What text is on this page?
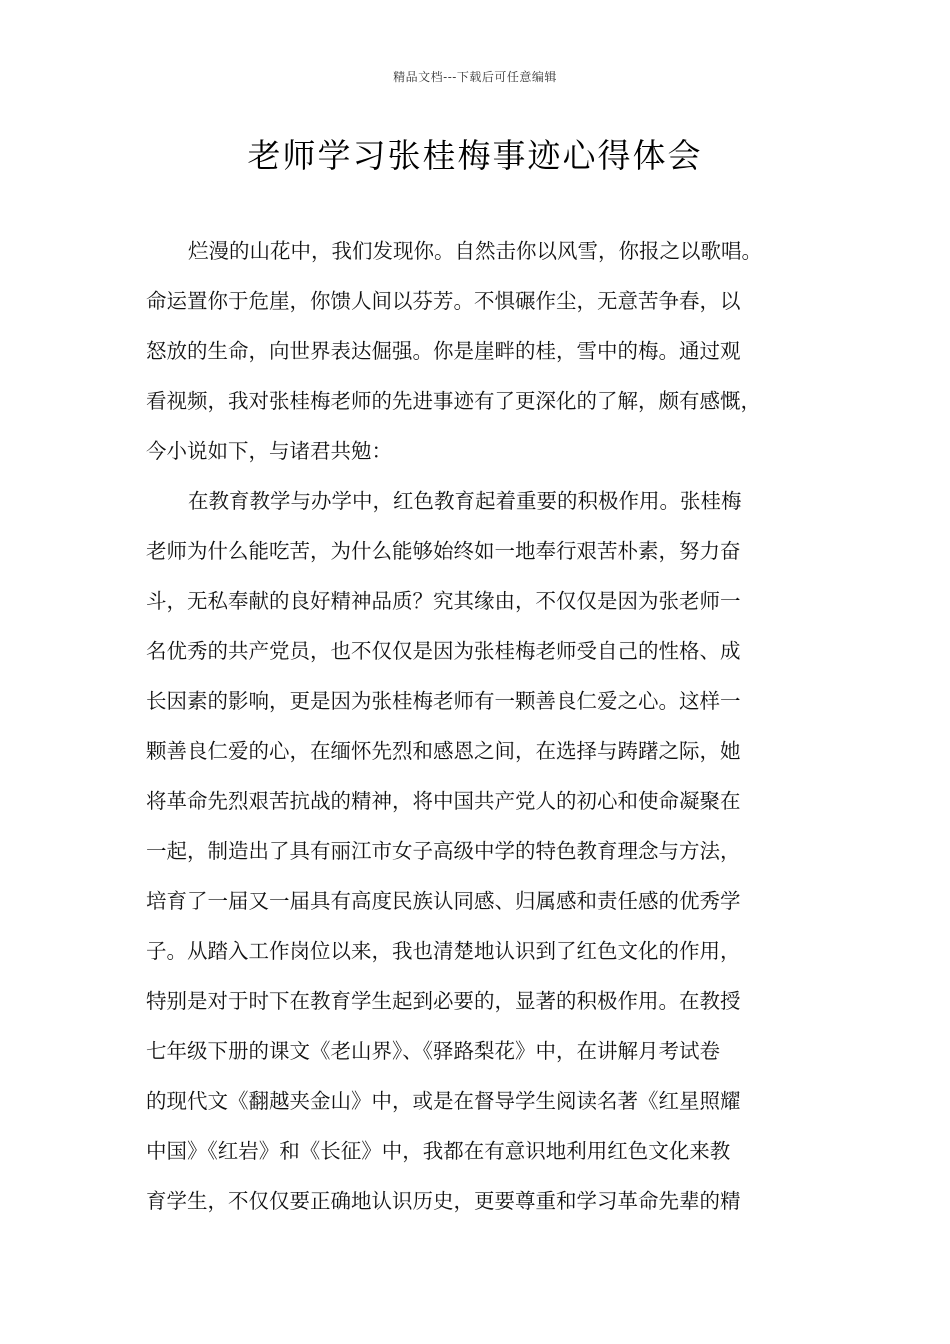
精品文档---下载后可任意编辑
老师学习张桂梅事迹心得体会
烂漫的山花中，我们发现你。自然击你以风雪，你报之以歌唱。
命运置你于危崖，你馈人间以芬芳。不惧碾作尘，无意苦争春，以
怒放的生命，向世界表达倔强。你是崖畔的桂，雪中的梅。通过观
看视频，我对张桂梅老师的先进事迹有了更深化的了解，颇有感慨，
今小说如下，与诸君共勉：
在教育教学与办学中，红色教育起着重要的积极作用。张桂梅
老师为什么能吃苦，为什么能够始终如一地奉行艰苦朴素，努力奋
斗，无私奉献的良好精神品质？究其缘由，不仅仅是因为张老师一
名优秀的共产党员，也不仅仅是因为张桂梅老师受自己的性格、成
长因素的影响，更是因为张桂梅老师有一颗善良仁爱之心。这样一
颗善良仁爱的心，在缅怀先烈和感恩之间，在选择与踌躇之际，她
将革命先烈艰苦抗战的精神，将中国共产党人的初心和使命凝聚在
一起，制造出了具有丽江市女子高级中学的特色教育理念与方法，
培育了一届又一届具有高度民族认同感、归属感和责任感的优秀学
子。从踏入工作岗位以来，我也清楚地认识到了红色文化的作用，
特别是对于时下在教育学生起到必要的，显著的积极作用。在教授
七年级下册的课文《老山界》、《驿路梨花》中，在讲解月考试卷
的现代文《翻越夹金山》中，或是在督导学生阅读名著《红星照耀
中国》《红岩》和《长征》中，我都在有意识地利用红色文化来教
育学生，不仅仅要正确地认识历史，更要尊重和学习革命先辈的精
